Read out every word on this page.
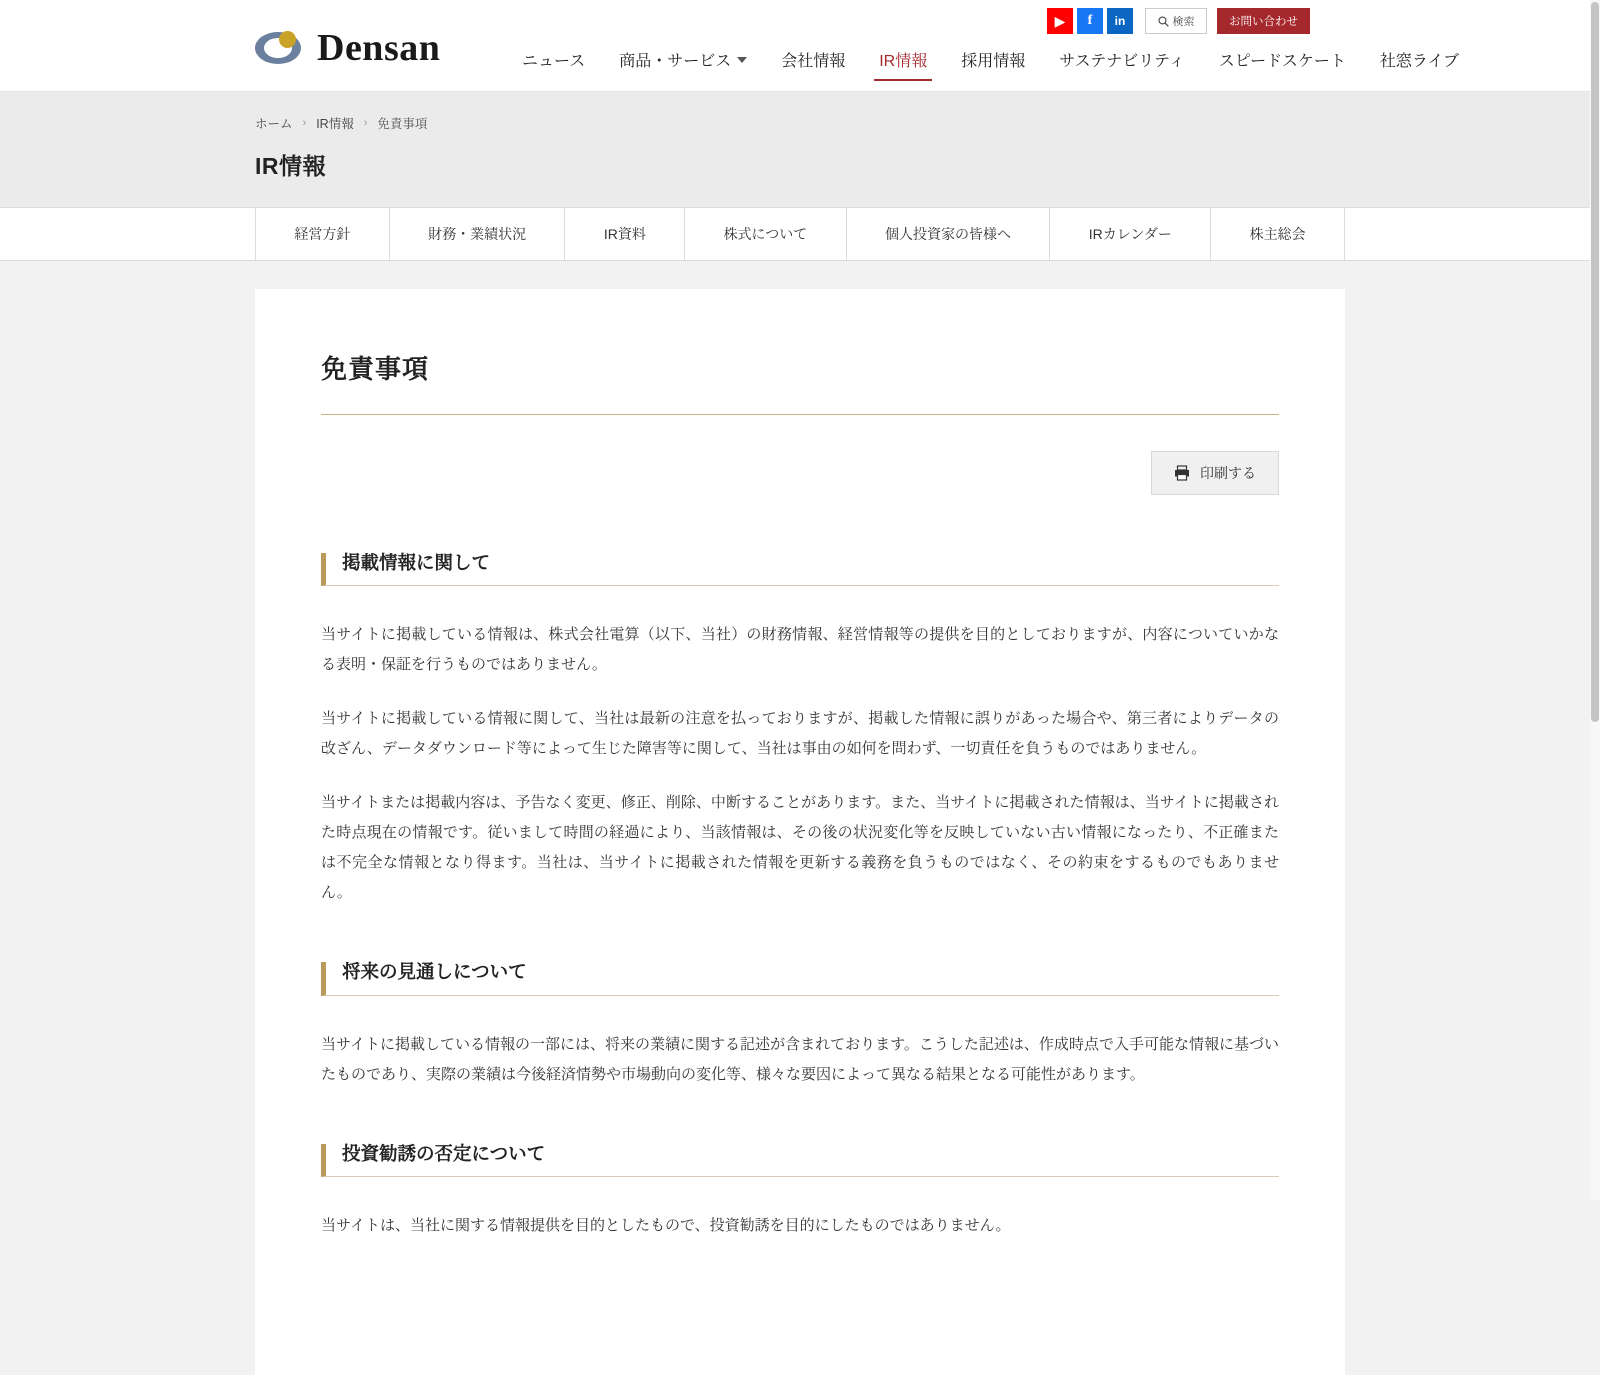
▶ f in	検索	お問い合わせ
Densan	ニュース 商品・サービス	会社情報 IR情報 採用情報 サステナビリティ スピードスケート 社窓ライブ
ホーム › IR情報 › 免責事項
IR情報
経営方針	財務・業績状況	IR資料	株式について	個人投資家の皆様へ	IRカレンダー	株主総会
免責事項
印刷する
掲載情報に関して

当サイトに掲載している情報は、株式会社電算（以下、当社）の財務情報、経営情報等の提供を目的としておりますが、内容についていかなる表明・保証を行うものではありません。

当サイトに掲載している情報に関して、当社は最新の注意を払っておりますが、掲載した情報に誤りがあった場合や、第三者によりデータの改ざん、データダウンロード等によって生じた障害等に関して、当社は事由の如何を問わず、一切責任を負うものではありません。

当サイトまたは掲載内容は、予告なく変更、修正、削除、中断することがあります。また、当サイトに掲載された情報は、当サイトに掲載された時点現在の情報です。従いまして時間の経過により、当該情報は、その後の状況変化等を反映していない古い情報になったり、不正確または不完全な情報となり得ます。当社は、当サイトに掲載された情報を更新する義務を負うものではなく、その約束をするものでもありません。

将来の見通しについて

当サイトに掲載している情報の一部には、将来の業績に関する記述が含まれております。こうした記述は、作成時点で入手可能な情報に基づいたものであり、実際の業績は今後経済情勢や市場動向の変化等、様々な要因によって異なる結果となる可能性があります。

投資勧誘の否定について

当サイトは、当社に関する情報提供を目的としたもので、投資勧誘を目的にしたものではありません。
